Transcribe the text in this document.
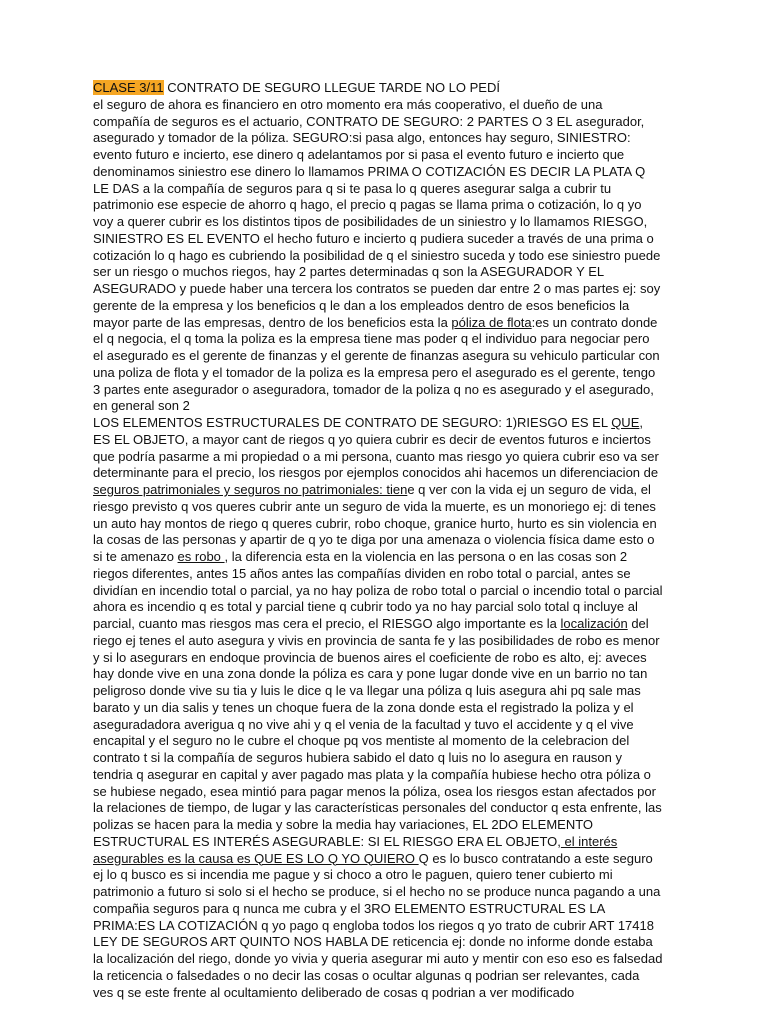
CLASE 3/11 CONTRATO DE SEGURO LLEGUE TARDE NO LO PEDÍ
el seguro de ahora es financiero en otro momento era más cooperativo, el dueño de una compañía de seguros es el actuario, CONTRATO DE SEGURO: 2 PARTES O 3 EL asegurador, asegurado y tomador de la póliza. SEGURO:si pasa algo, entonces hay seguro, SINIESTRO: evento futuro e incierto, ese dinero q adelantamos por si pasa el evento futuro e incierto que denominamos siniestro ese dinero lo llamamos PRIMA O COTIZACIÓN ES DECIR LA PLATA Q LE DAS a la compañía de seguros para q si te pasa lo q queres asegurar salga a cubrir tu patrimonio ese especie de ahorro q hago, el precio q pagas se llama prima o cotización, lo q yo voy a querer cubrir es los distintos tipos de posibilidades de un siniestro y lo llamamos RIESGO, SINIESTRO ES EL EVENTO el hecho futuro e incierto q pudiera suceder a través de una prima o cotización lo q hago es cubriendo la posibilidad de q el siniestro suceda y todo ese siniestro puede ser un riesgo o muchos riegos, hay 2 partes determinadas q son la ASEGURADOR Y EL ASEGURADO y puede haber una tercera los contratos se pueden dar entre 2 o mas partes ej: soy gerente de la empresa y los beneficios q le dan a los empleados dentro de esos beneficios la mayor parte de las empresas, dentro de los beneficios esta la póliza de flota:es un contrato donde el q negocia, el q toma la poliza es la empresa tiene mas poder q el individuo para negociar pero el asegurado es el gerente de finanzas y el gerente de finanzas asegura su vehiculo particular con una poliza de flota y el tomador de la poliza es la empresa pero el asegurado es el gerente, tengo 3 partes ente asegurador o aseguradora, tomador de la poliza q no es asegurado y el asegurado, en general son 2
LOS ELEMENTOS ESTRUCTURALES DE CONTRATO DE SEGURO: 1)RIESGO ES EL QUE, ES EL OBJETO, a mayor cant de riegos q yo quiera cubrir es decir de eventos futuros e inciertos que podría pasarme a mi propiedad o a mi persona, cuanto mas riesgo yo quiera cubrir eso va ser determinante para el precio, los riesgos por ejemplos conocidos ahi hacemos un diferenciacion de seguros patrimoniales y seguros no patrimoniales: tiene q ver con la vida ej un seguro de vida, el riesgo previsto q vos queres cubrir ante un seguro de vida la muerte, es un monoriego ej: di tenes un auto hay montos de riego q queres cubrir, robo choque, granice hurto, hurto es sin violencia en la cosas de las personas y apartir de q yo te diga por una amenaza o violencia física dame esto o si te amenazo es robo , la diferencia esta en la violencia en las persona o en las cosas son 2 riegos diferentes, antes 15 años antes las compañías dividen en robo total o parcial, antes se dividían en incendio total o parcial, ya no hay poliza de robo total o parcial o incendio total o parcial ahora es incendio q es total y parcial tiene q cubrir todo ya no hay parcial solo total q incluye al parcial, cuanto mas riesgos mas cera el precio, el RIESGO algo importante es la localización del riego ej tenes el auto asegura y vivis en provincia de santa fe y las posibilidades de robo es menor y si lo asegurars en endoque provincia de buenos aires el coeficiente de robo es alto, ej: aveces hay donde vive en una zona donde la póliza es cara y pone lugar donde vive en un barrio no tan peligroso donde vive su tia y luis le dice q le va llegar una póliza q luis asegura ahi pq sale mas barato y un dia salis y tenes un choque fuera de la zona donde esta el registrado la poliza y el aseguradadora averigua q no vive ahi y q el venia de la facultad y tuvo el accidente y q el vive encapital y el seguro no le cubre el choque pq vos mentiste al momento de la celebracion del contrato t si la compañía de seguros hubiera sabido el dato q luis no lo asegura en rauson y tendria q asegurar en capital y aver pagado mas plata y la compañía hubiese hecho otra póliza o se hubiese negado, esea mintió para pagar menos la póliza, osea los riesgos estan afectados por la relaciones de tiempo, de lugar y las características personales del conductor q esta enfrente, las polizas se hacen para la media y sobre la media hay variaciones, EL 2DO ELEMENTO ESTRUCTURAL ES INTERÉS ASEGURABLE: SI EL RIESGO ERA EL OBJETO, el interés asegurables es la causa es QUE ES LO Q YO QUIERO Q es lo busco contratando a este seguro ej lo q busco es si incendia me pague y si choco a otro le paguen, quiero tener cubierto mi patrimonio a futuro si solo si el hecho se produce, si el hecho no se produce nunca pagando a una compañia seguros para q nunca me cubra y el 3RO ELEMENTO ESTRUCTURAL ES LA PRIMA:ES LA COTIZACIÓN q yo pago q engloba todos los riegos q yo trato de cubrir ART 17418 LEY DE SEGUROS ART QUINTO NOS HABLA DE reticencia ej: donde no informe donde estaba la localización del riego, donde yo vivia y queria asegurar mi auto y mentir con eso eso es falsedad la reticencia o falsedades o no decir las cosas o ocultar algunas q podrian ser relevantes, cada ves q se este frente al ocultamiento deliberado de cosas q podrian a ver modificado
